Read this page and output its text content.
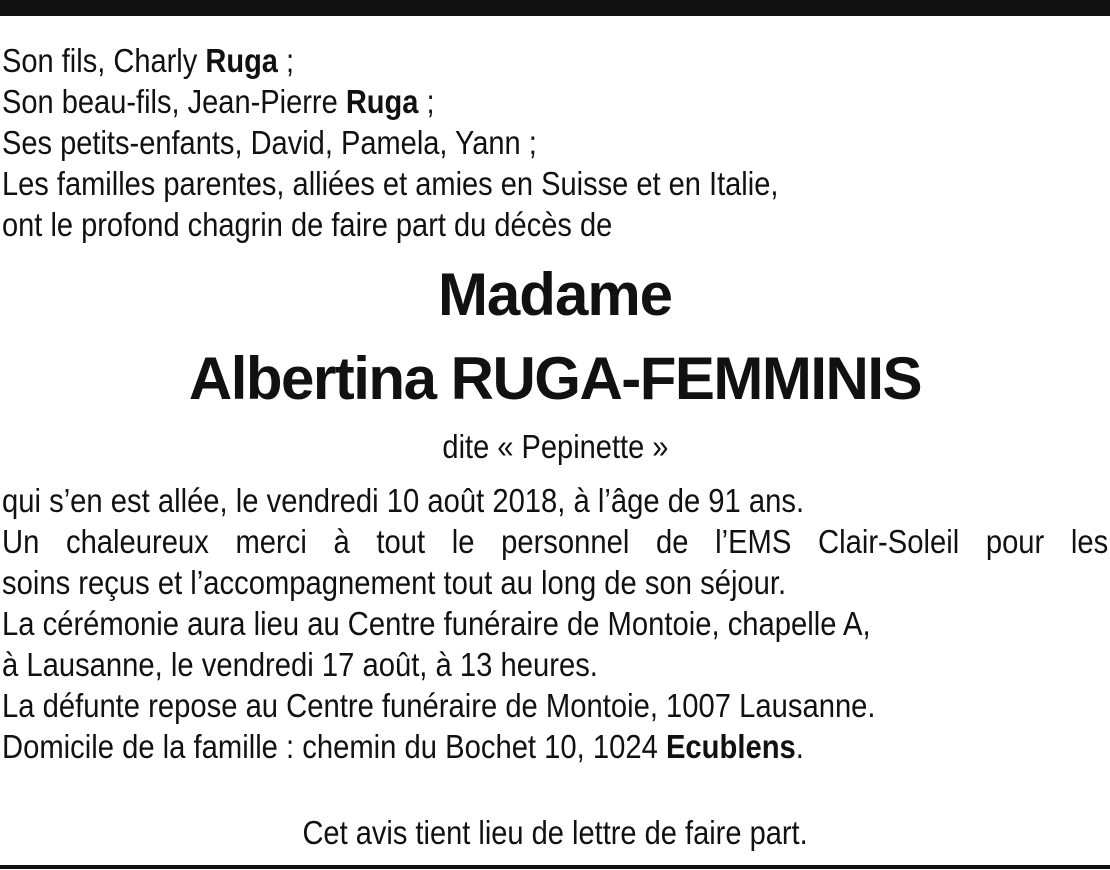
Son fils, Charly Ruga ;
Son beau-fils, Jean-Pierre Ruga ;
Ses petits-enfants, David, Pamela, Yann ;
Les familles parentes, alliées et amies en Suisse et en Italie,
ont le profond chagrin de faire part du décès de
Madame
Albertina RUGA-FEMMINIS
dite « Pepinette »
qui s’en est allée, le vendredi 10 août 2018, à l’âge de 91 ans.
Un chaleureux merci à tout le personnel de l’EMS Clair-Soleil pour les
soins reçus et l’accompagnement tout au long de son séjour.
La cérémonie aura lieu au Centre funéraire de Montoie, chapelle A,
à Lausanne, le vendredi 17 août, à 13 heures.
La défunte repose au Centre funéraire de Montoie, 1007 Lausanne.
Domicile de la famille : chemin du Bochet 10, 1024 Ecublens.
Cet avis tient lieu de lettre de faire part.
